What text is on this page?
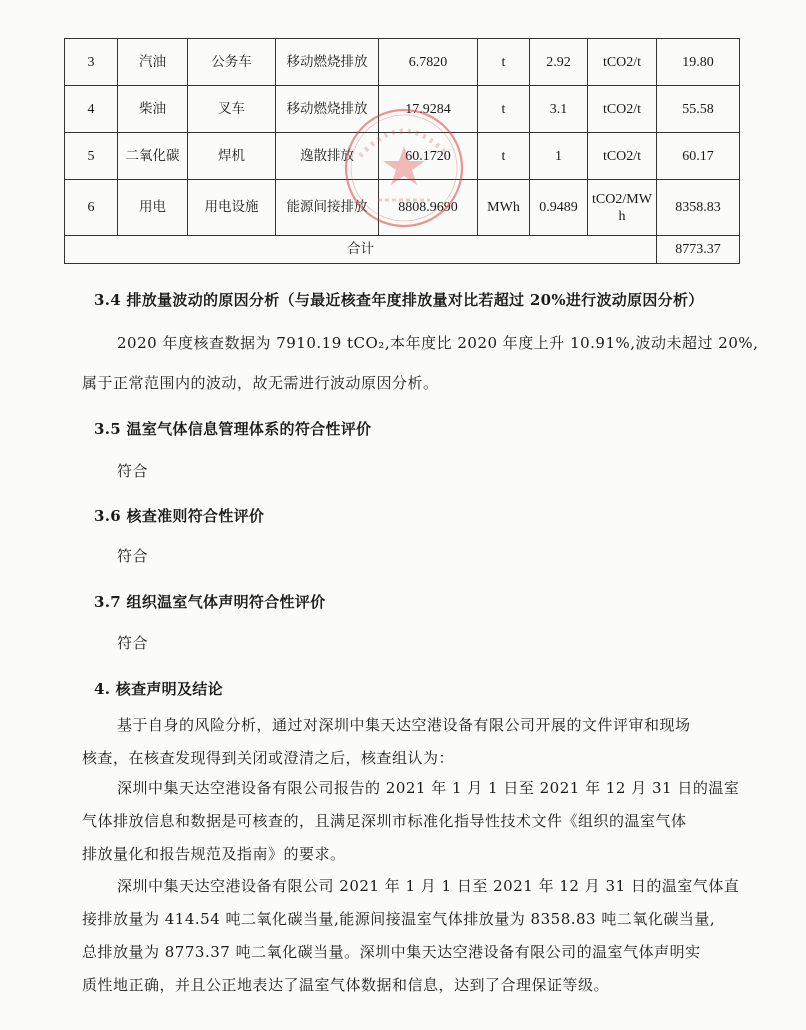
3	汽油	公务车	移动燃烧排放	6.7820	t	2.92	tCO2/t	19.80
4	柴油	叉车	移动燃烧排放	17.9284	t	3.1	tCO2/t	55.58
5	二氧化碳	焊机	逸散排放	60.1720	t	1	tCO2/t	60.17
6	用电	用电设施	能源间接排放	8808.9690	MWh	0.9489	tCO2/MWh	8358.83
合计								8773.37
3.4 排放量波动的原因分析（与最近核查年度排放量对比若超过 20%进行波动原因分析）
2020 年度核查数据为 7910.19 tCO₂,本年度比 2020 年度上升 10.91%,波动未超过 20%,
属于正常范围内的波动，故无需进行波动原因分析。
3.5 温室气体信息管理体系的符合性评价
符合
3.6 核查准则符合性评价
符合
3.7 组织温室气体声明符合性评价
符合
4. 核查声明及结论
基于自身的风险分析，通过对深圳中集天达空港设备有限公司开展的文件评审和现场
核查，在核查发现得到关闭或澄清之后，核查组认为：
深圳中集天达空港设备有限公司报告的 2021 年 1 月 1 日至 2021 年 12 月 31 日的温室
气体排放信息和数据是可核查的，且满足深圳市标准化指导性技术文件《组织的温室气体
排放量化和报告规范及指南》的要求。
深圳中集天达空港设备有限公司 2021 年 1 月 1 日至 2021 年 12 月 31 日的温室气体直
接排放量为 414.54 吨二氧化碳当量,能源间接温室气体排放量为 8358.83 吨二氧化碳当量,
总排放量为 8773.37 吨二氧化碳当量。深圳中集天达空港设备有限公司的温室气体声明实
质性地正确，并且公正地表达了温室气体数据和信息，达到了合理保证等级。
